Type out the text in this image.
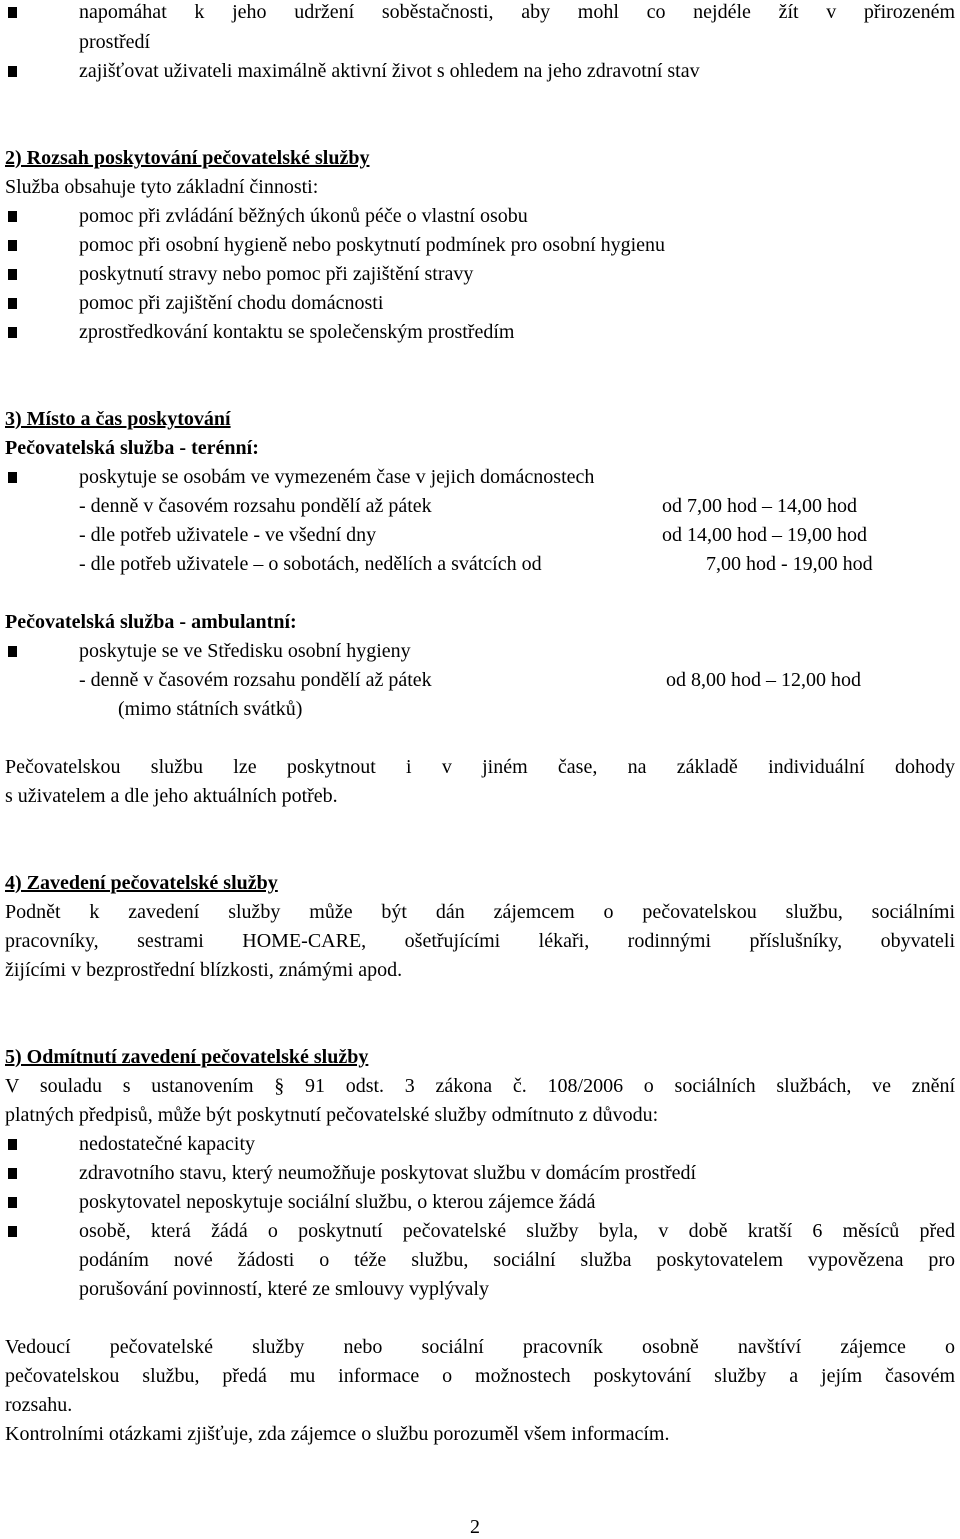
napomáhat k jeho udržení soběstačnosti, aby mohl co nejdéle žít v přirozeném
prostředí
zajišťovat uživateli maximálně aktivní život s ohledem na jeho zdravotní stav
2) Rozsah poskytování pečovatelské služby
Služba obsahuje tyto základní činnosti:
pomoc při zvládání běžných úkonů péče o vlastní osobu
pomoc při osobní hygieně nebo poskytnutí podmínek pro osobní hygienu
poskytnutí stravy nebo pomoc při zajištění stravy
pomoc při zajištění chodu domácnosti
zprostředkování kontaktu se společenským prostředím
3) Místo a čas poskytování
Pečovatelská služba - terénní:
poskytuje se osobám ve vymezeném čase v jejich domácnostech
- denně v časovém rozsahu pondělí až pátek	od 7,00 hod – 14,00 hod
- dle potřeb uživatele - ve všední dny	od 14,00 hod – 19,00 hod
- dle potřeb uživatele – o sobotách, nedělích a svátcích od	7,00 hod - 19,00 hod
Pečovatelská služba - ambulantní:
poskytuje se ve Středisku osobní hygieny
- denně v časovém rozsahu pondělí až pátek	od 8,00 hod – 12,00 hod
(mimo státních svátků)
Pečovatelskou službu lze poskytnout i v jiném čase, na základě individuální dohody
s uživatelem a dle jeho aktuálních potřeb.
4) Zavedení pečovatelské služby
Podnět k zavedení služby může být dán zájemcem o pečovatelskou službu, sociálními
pracovníky, sestrami HOME-CARE, ošetřujícími lékaři, rodinnými příslušníky, obyvateli
žijícími v bezprostřední blízkosti, známými apod.
5) Odmítnutí zavedení pečovatelské služby
V souladu s ustanovením § 91 odst. 3 zákona č. 108/2006 o sociálních službách, ve znění
platných předpisů, může být poskytnutí pečovatelské služby odmítnuto z důvodu:
nedostatečné kapacity
zdravotního stavu, který neumožňuje poskytovat službu v domácím prostředí
poskytovatel neposkytuje sociální službu, o kterou zájemce žádá
osobě, která žádá o poskytnutí pečovatelské služby byla, v době kratší 6 měsíců před
podáním nové žádosti o téže službu, sociální služba poskytovatelem vypovězena pro
porušování povinností, které ze smlouvy vyplývaly
Vedoucí pečovatelské služby nebo sociální pracovník osobně navštíví zájemce o
pečovatelskou službu, předá mu informace o možnostech poskytování služby a jejím časovém
rozsahu.
Kontrolními otázkami zjišťuje, zda zájemce o službu porozuměl všem informacím.
2
